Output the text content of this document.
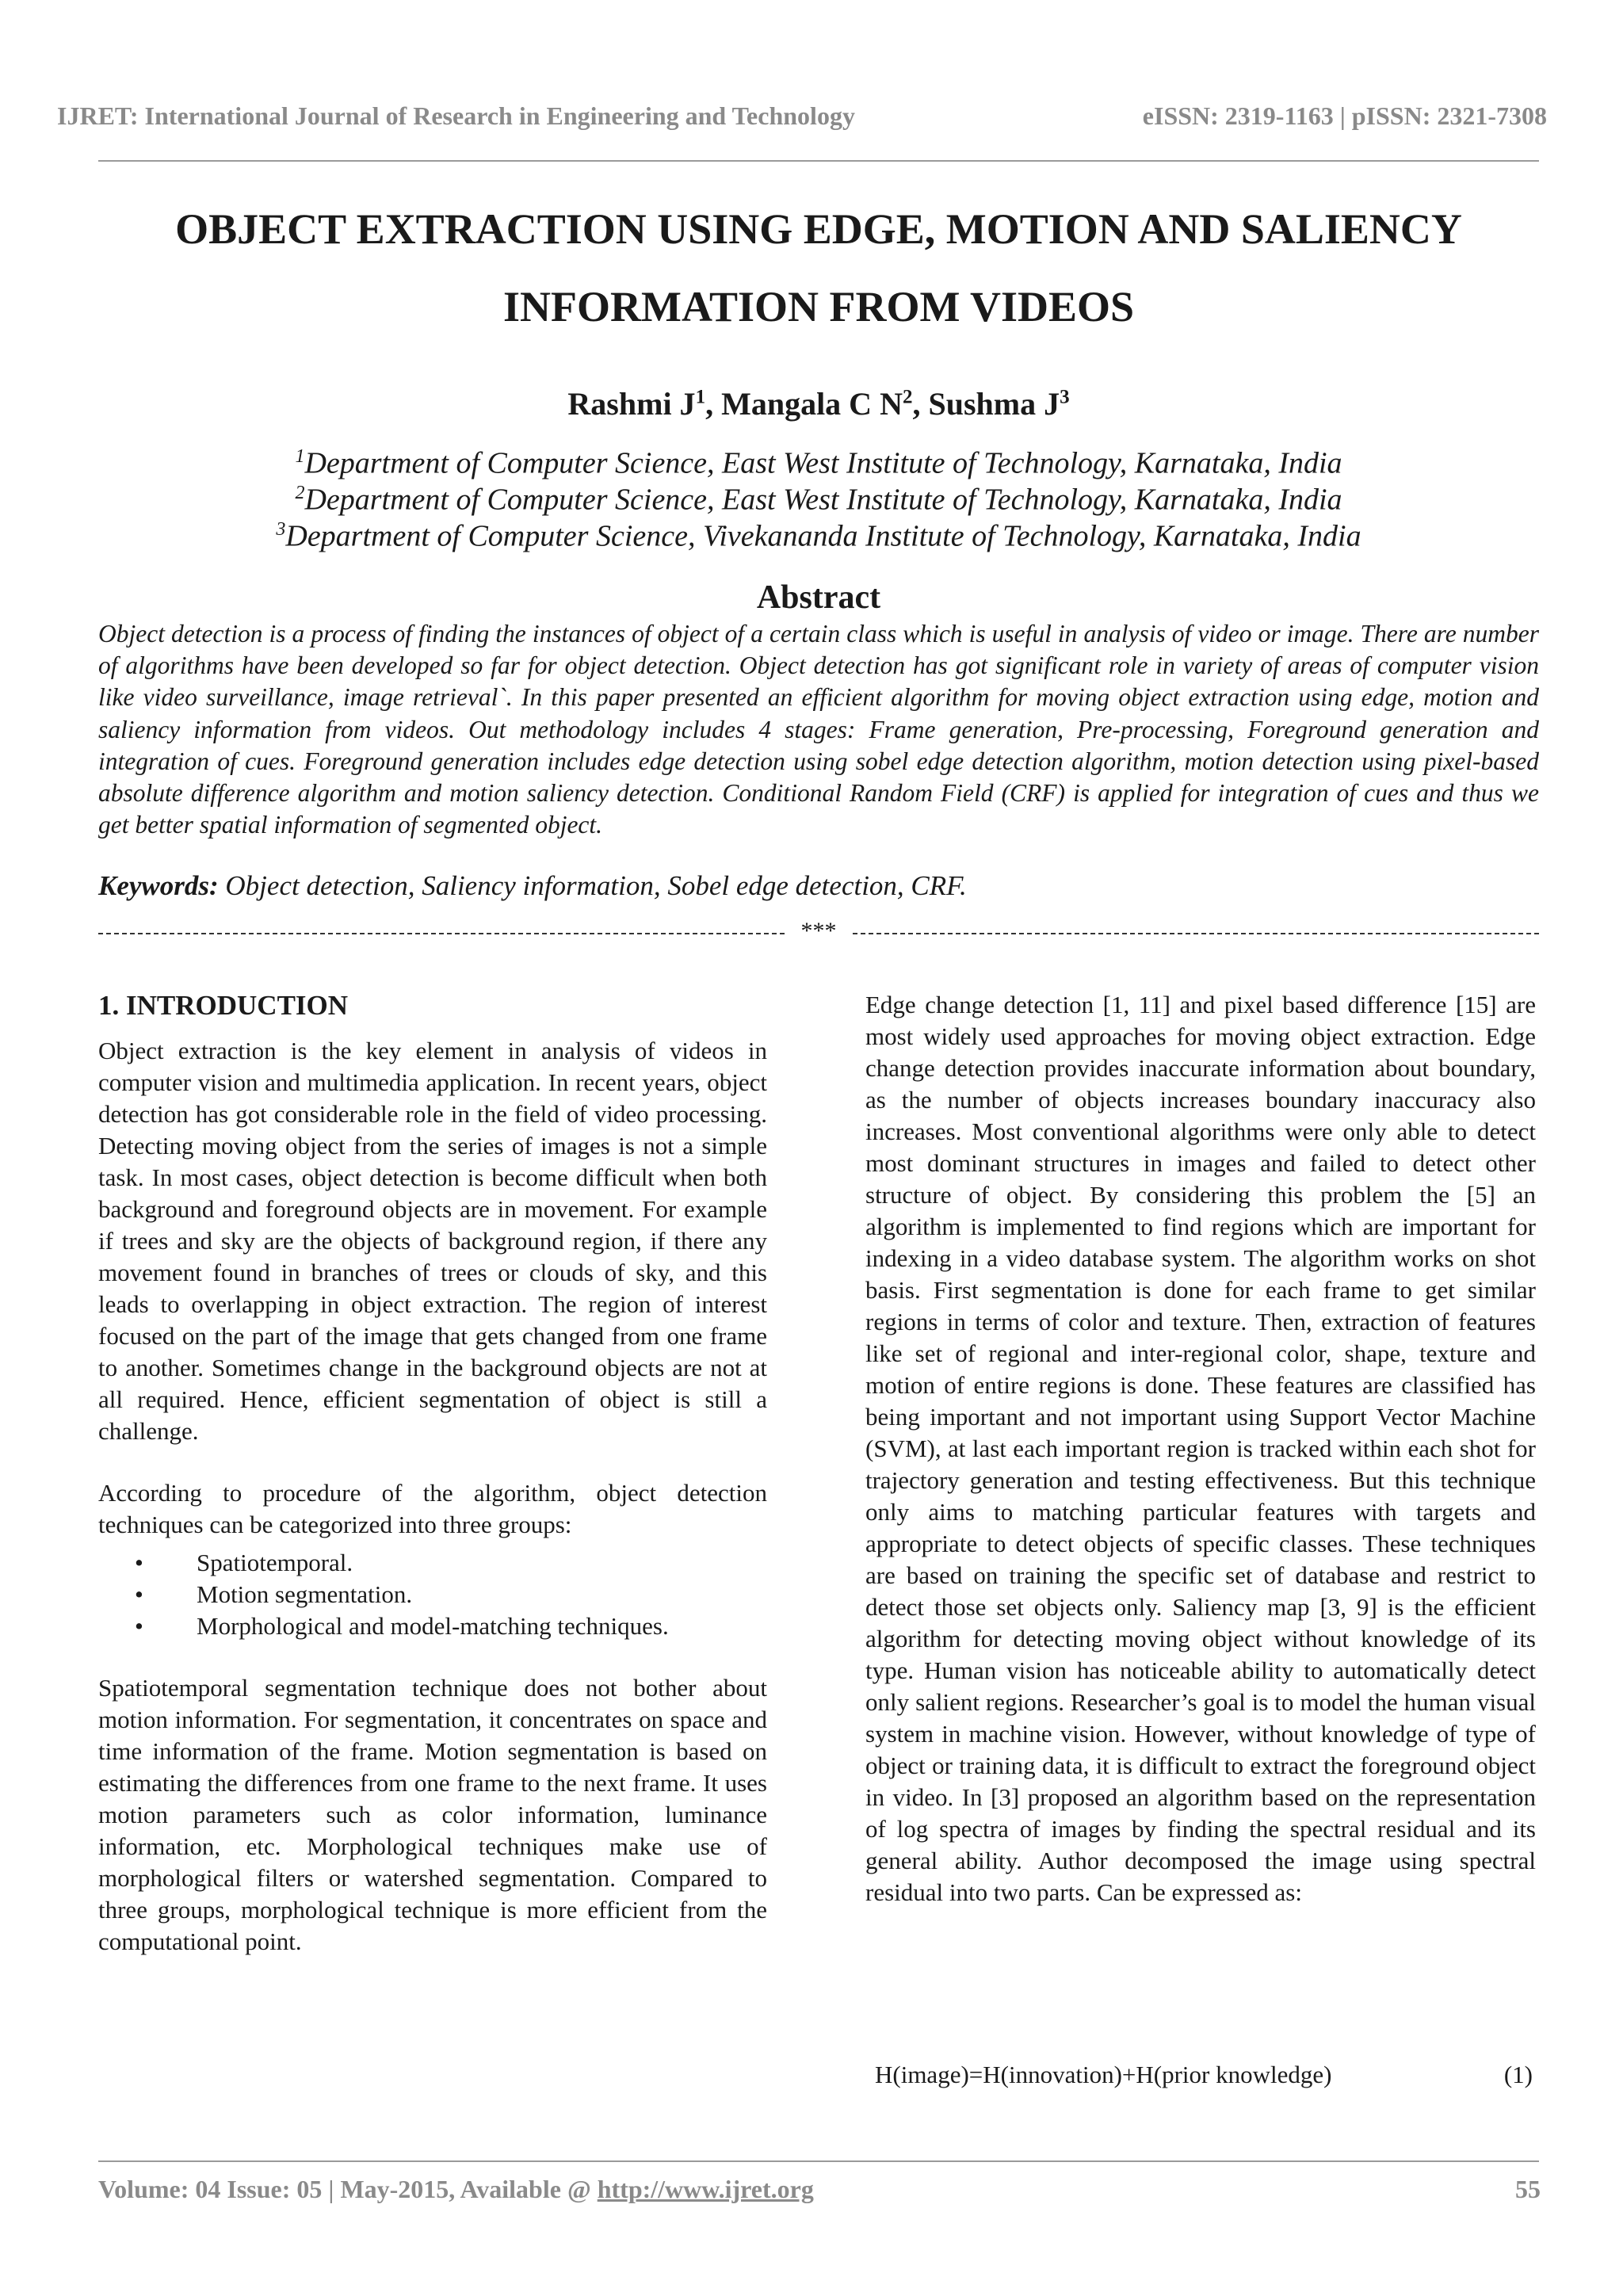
IJRET: International Journal of Research in Engineering and Technology	eISSN: 2319-1163 | pISSN: 2321-7308
OBJECT EXTRACTION USING EDGE, MOTION AND SALIENCY
INFORMATION FROM VIDEOS
Rashmi $J^1$, Mangala C $N^2$, Sushma $J^3$
$^1$Department of Computer Science, East West Institute of Technology, Karnataka, India
$^2$Department of Computer Science, East West Institute of Technology, Karnataka, India
$^3$Department of Computer Science, Vivekananda Institute of Technology, Karnataka, India
Abstract
Object detection is a process of finding the instances of object of a certain class which is useful in analysis of video or image. There are number of algorithms have been developed so far for object detection. Object detection has got significant role in variety of areas of computer vision like video surveillance, image retrieval`. In this paper presented an efficient algorithm for moving object extraction using edge, motion and saliency information from videos. Out methodology includes 4 stages: Frame generation, Pre-processing, Foreground generation and integration of cues. Foreground generation includes edge detection using sobel edge detection algorithm, motion detection using pixel-based absolute difference algorithm and motion saliency detection. Conditional Random Field (CRF) is applied for integration of cues and thus we get better spatial information of segmented object.
Keywords: Object detection, Saliency information, Sobel edge detection, CRF.
***
1. INTRODUCTION

Object extraction is the key element in analysis of videos in computer vision and multimedia application. In recent years, object detection has got considerable role in the field of video processing. Detecting moving object from the series of images is not a simple task. In most cases, object detection is become difficult when both background and foreground objects are in movement. For example if trees and sky are the objects of background region, if there any movement found in branches of trees or clouds of sky, and this leads to overlapping in object extraction. The region of interest focused on the part of the image that gets changed from one frame to another. Sometimes change in the background objects are not at all required. Hence, efficient segmentation of object is still a challenge.

According to procedure of the algorithm, object detection techniques can be categorized into three groups:

• Spatiotemporal.
• Motion segmentation.
• Morphological and model-matching techniques.

Spatiotemporal segmentation technique does not bother about motion information. For segmentation, it concentrates on space and time information of the frame. Motion segmentation is based on estimating the differences from one frame to the next frame. It uses motion parameters such as color information, luminance information, etc. Morphological techniques make use of morphological filters or watershed segmentation. Compared to three groups, morphological technique is more efficient from the computational point.

Edge change detection [1, 11] and pixel based difference [15] are most widely used approaches for moving object extraction. Edge change detection provides inaccurate information about boundary, as the number of objects increases boundary inaccuracy also increases. Most conventional algorithms were only able to detect most dominant structures in images and failed to detect other structure of object. By considering this problem the [5] an algorithm is implemented to find regions which are important for indexing in a video database system. The algorithm works on shot basis. First segmentation is done for each frame to get similar regions in terms of color and texture. Then, extraction of features like set of regional and inter-regional color, shape, texture and motion of entire regions is done. These features are classified has being important and not important using Support Vector Machine (SVM), at last each important region is tracked within each shot for trajectory generation and testing effectiveness. But this technique only aims to matching particular features with targets and appropriate to detect objects of specific classes. These techniques are based on training the specific set of database and restrict to detect those set objects only. Saliency map [3, 9] is the efficient algorithm for detecting moving object without knowledge of its type. Human vision has noticeable ability to automatically detect only salient regions. Researcher’s goal is to model the human visual system in machine vision. However, without knowledge of type of object or training data, it is difficult to extract the foreground object in video. In [3] proposed an algorithm based on the representation of log spectra of images by finding the spectral residual and its general ability. Author decomposed the image using spectral residual into two parts. Can be expressed as:

H(image)=H(innovation)+H(prior knowledge)	(1)
Volume: 04 Issue: 05 | May-2015, Available @ http://www.ijret.org	55
